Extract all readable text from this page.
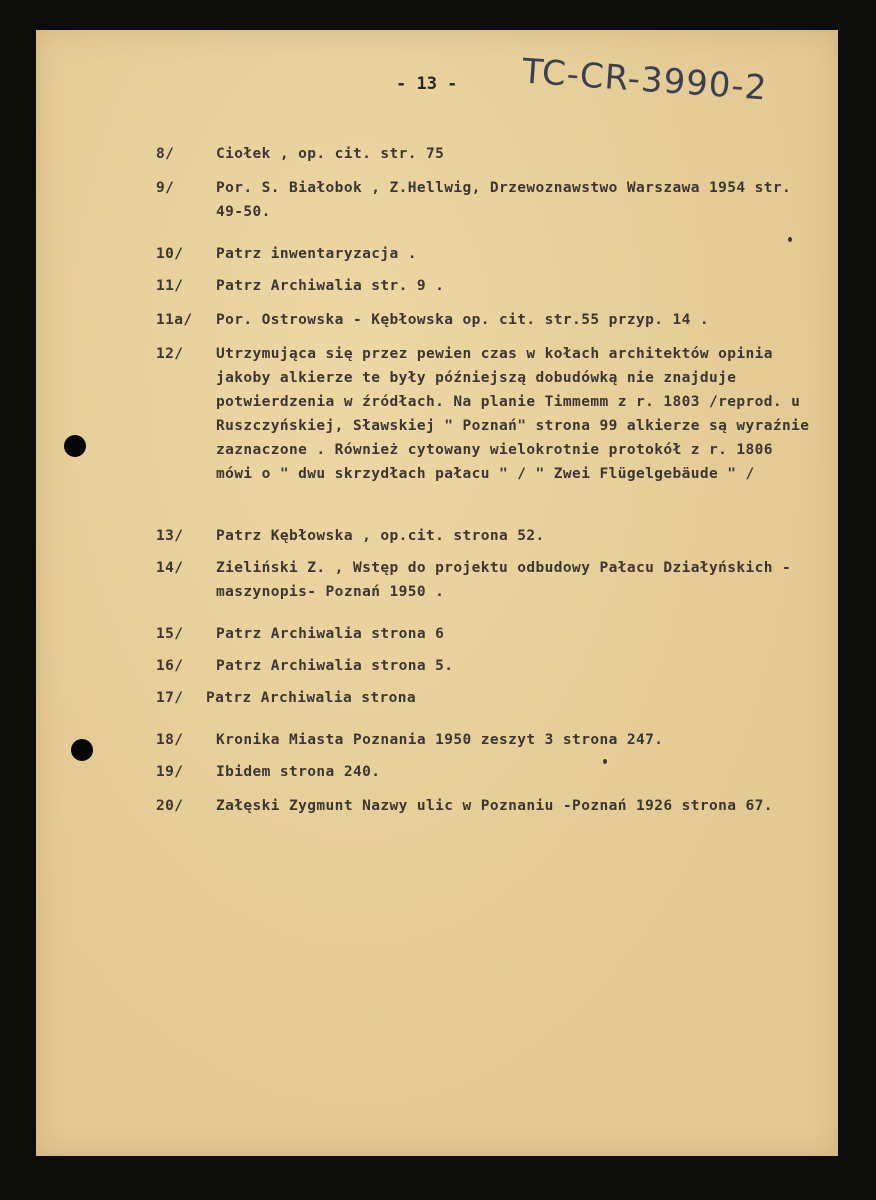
- 13 - TC-CR-3990-2
8/	Ciołek , op. cit. str. 75
9/	Por. S. Białobok , Z.Hellwig, Drzewoznawstwo Warszawa 1954 str. 49-50.
10/ Patrz inwentaryzacja .
11/ Patrz Archiwalia str. 9 .
11a/ Por. Ostrowska - Kębłowska op. cit. str.55 przyp. 14 .
12/ Utrzymująca się przez pewien czas w kołach architektów opinia jakoby alkierze te były późniejszą dobudówką nie znajduje potwierdzenia w źródłach. Na planie Timmemm z r. 1803 /reprod. u Ruszczyńskiej, Sławskiej " Poznań" strona 99 alkierze są wyraźnie zaznaczone . Również cytowany wielokrotnie protokół z r. 1806 mówi o " dwu skrzydłach pałacu " / " Zwei Flügelgebäude " /
13/ Patrz Kębłowska , op.cit. strona 52.
14/ Zieliński Z. , Wstęp do projektu odbudowy Pałacu Działyńskich - maszynopis- Poznań 1950 .
15/ Patrz Archiwalia strona 6
16/ Patrz Archiwalia strona 5.
17/ Patrz Archiwalia strona
18/ Kronika Miasta Poznania 1950 zeszyt 3 strona 247.
19/ Ibidem strona 240.
20/ Załęski Zygmunt Nazwy ulic w Poznaniu -Poznań 1926 strona 67.
